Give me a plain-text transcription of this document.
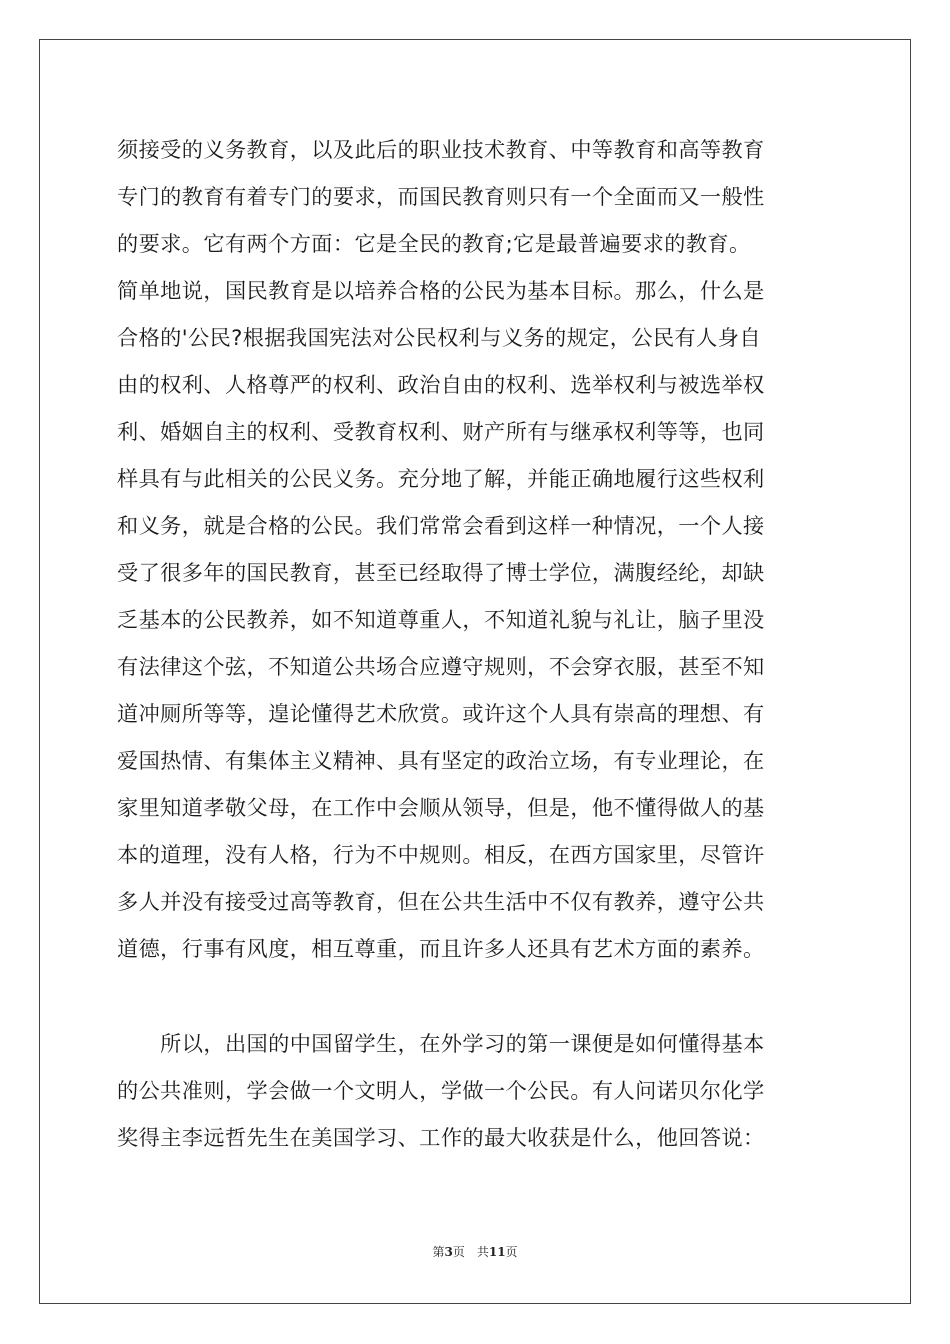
须接受的义务教育，以及此后的职业技术教育、中等教育和高等教育
专门的教育有着专门的要求，而国民教育则只有一个全面而又一般性
的要求。它有两个方面：它是全民的教育;它是最普遍要求的教育。
简单地说，国民教育是以培养合格的公民为基本目标。那么，什么是
合格的'公民?根据我国宪法对公民权利与义务的规定，公民有人身自
由的权利、人格尊严的权利、政治自由的权利、选举权利与被选举权
利、婚姻自主的权利、受教育权利、财产所有与继承权利等等，也同
样具有与此相关的公民义务。充分地了解，并能正确地履行这些权利
和义务，就是合格的公民。我们常常会看到这样一种情况，一个人接
受了很多年的国民教育，甚至已经取得了博士学位，满腹经纶，却缺
乏基本的公民教养，如不知道尊重人，不知道礼貌与礼让，脑子里没
有法律这个弦，不知道公共场合应遵守规则，不会穿衣服，甚至不知
道冲厕所等等，遑论懂得艺术欣赏。或许这个人具有崇高的理想、有
爱国热情、有集体主义精神、具有坚定的政治立场，有专业理论，在
家里知道孝敬父母，在工作中会顺从领导，但是，他不懂得做人的基
本的道理，没有人格，行为不中规则。相反，在西方国家里，尽管许
多人并没有接受过高等教育，但在公共生活中不仅有教养，遵守公共
道德，行事有风度，相互尊重，而且许多人还具有艺术方面的素养。
　　所以，出国的中国留学生，在外学习的第一课便是如何懂得基本
的公共准则，学会做一个文明人，学做一个公民。有人问诺贝尔化学
奖得主李远哲先生在美国学习、工作的最大收获是什么，他回答说：
第3页 共11页
